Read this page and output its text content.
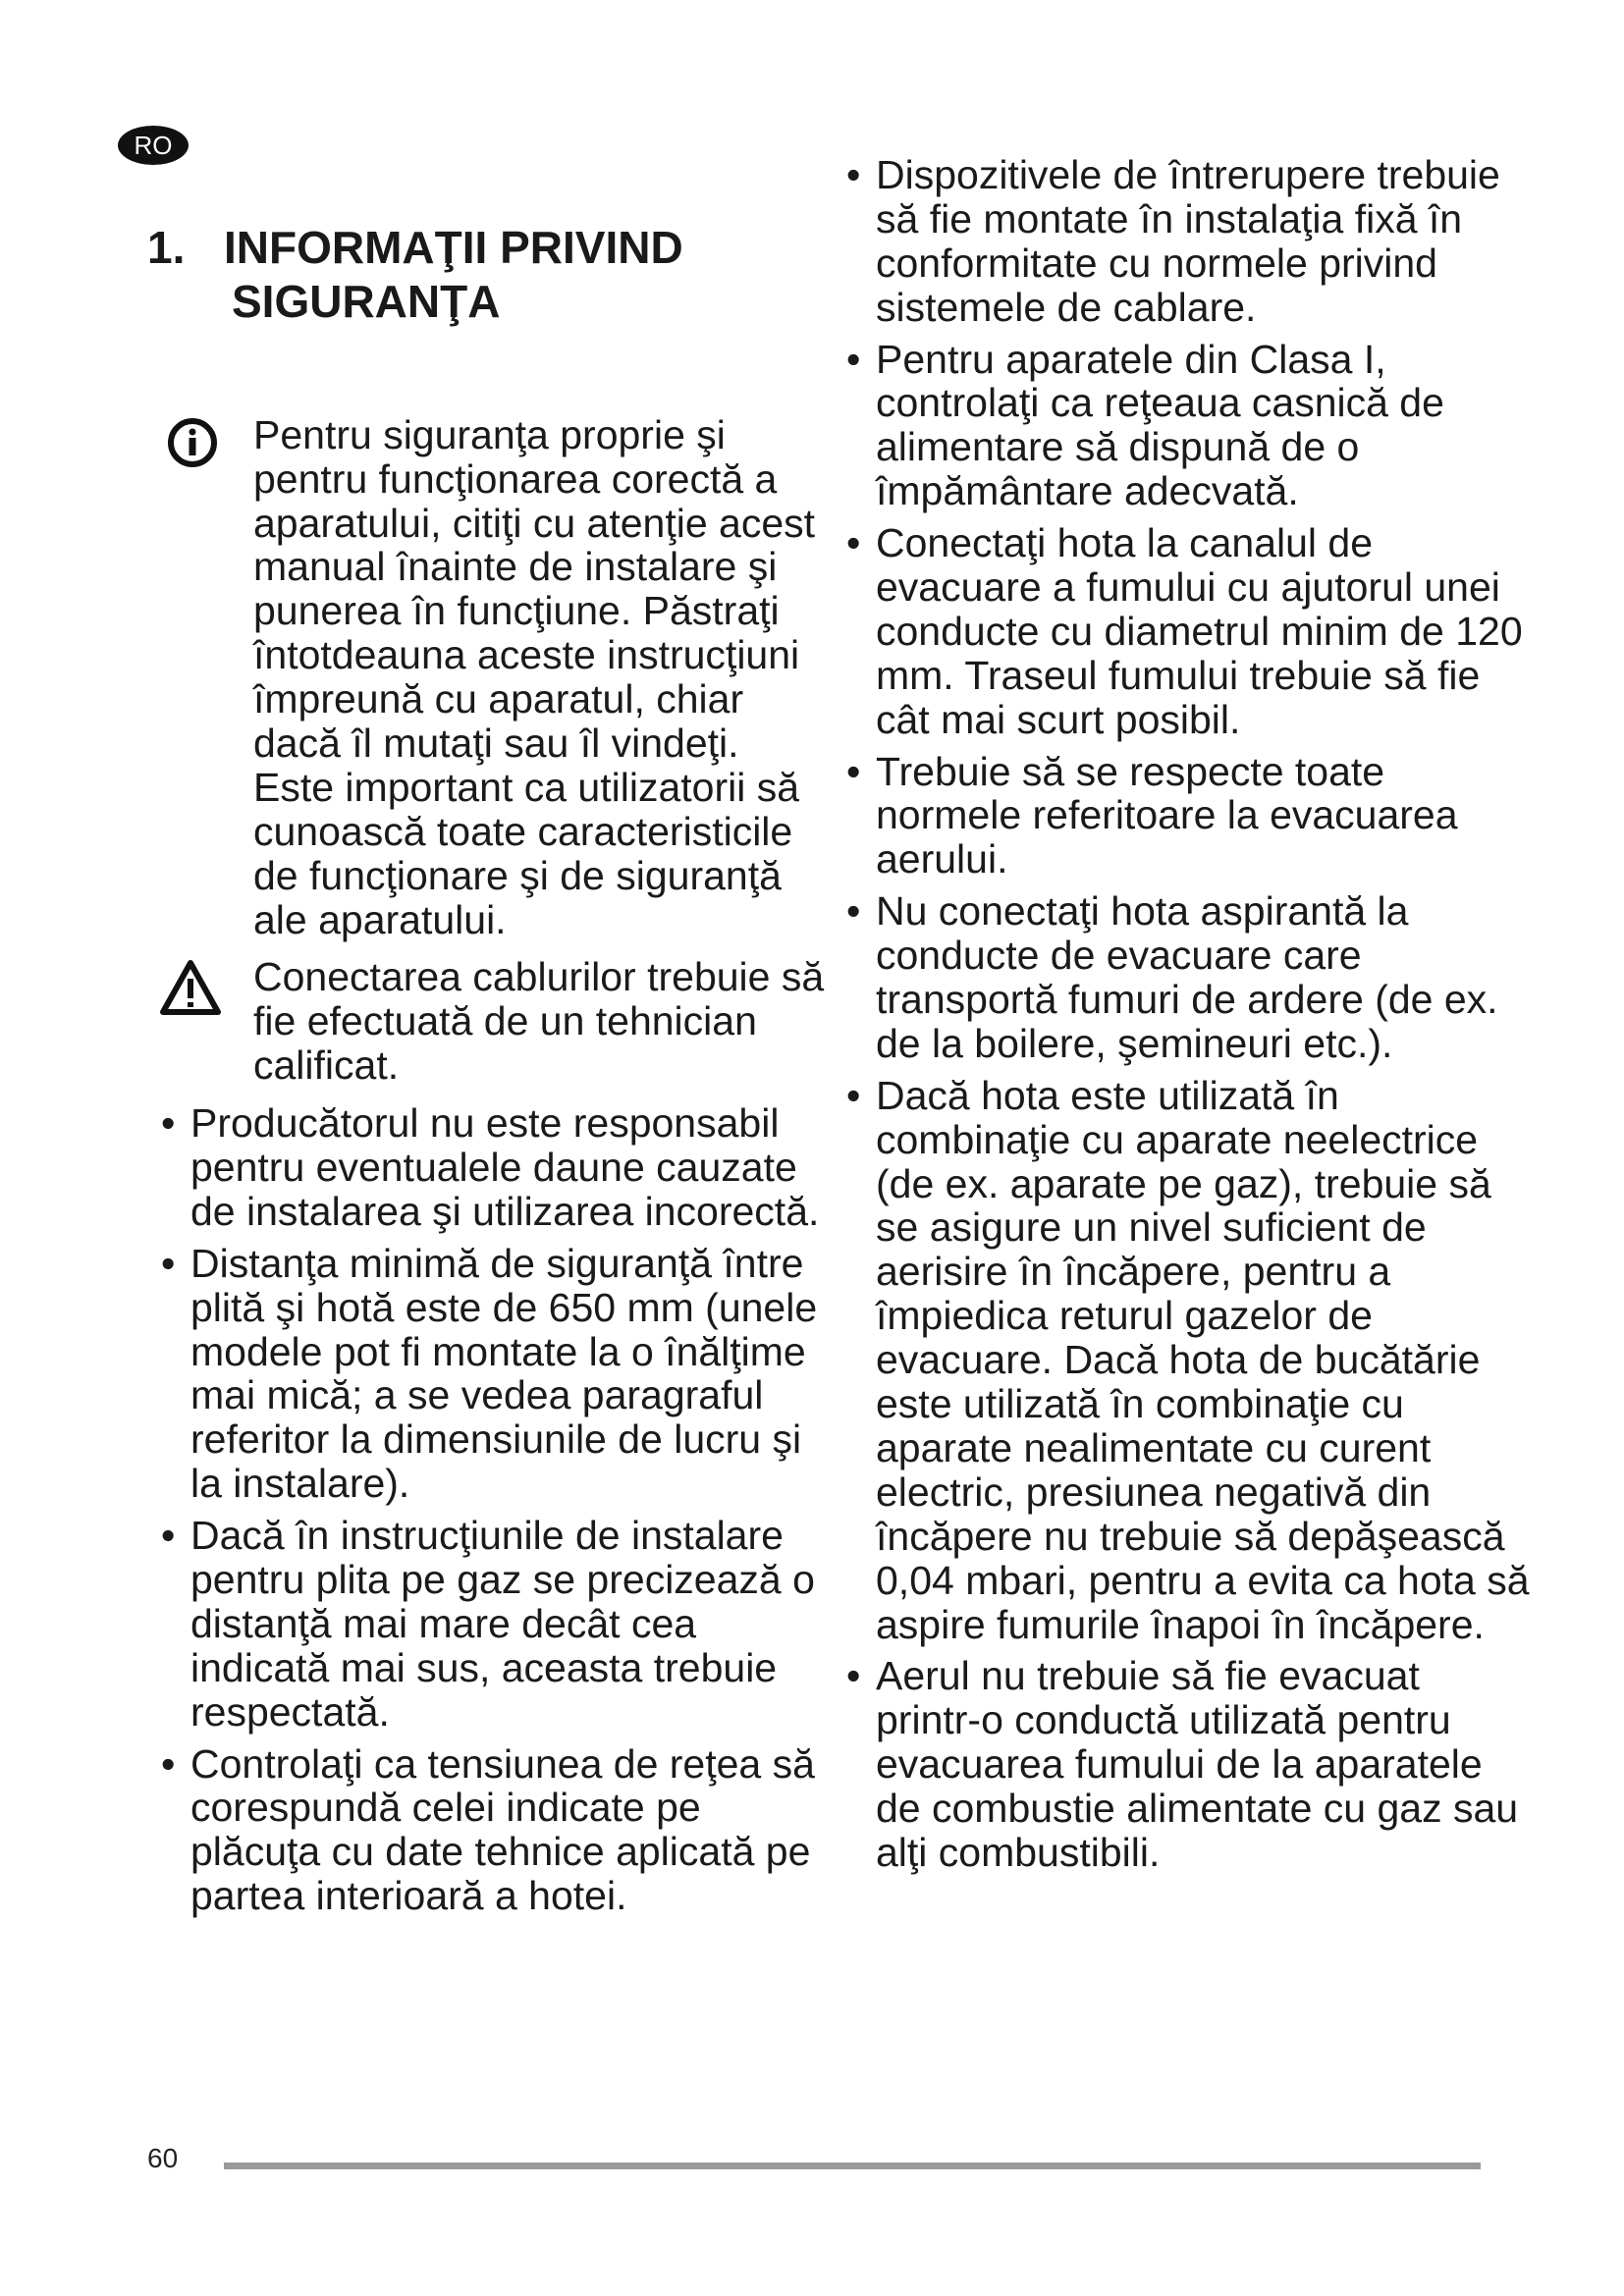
RO

1. INFORMAŢII PRIVIND

SIGURANŢA

Pentru siguranţa proprie şi pentru funcţionarea corectă a aparatului, citiţi cu atenţie acest manual înainte de instalare şi punerea în funcţiune. Păstraţi întotdeauna aceste instrucţiuni împreună cu aparatul, chiar dacă îl mutaţi sau îl vindeţi. Este important ca utilizatorii să cunoască toate caracteristicile de funcţionare şi de siguranţă ale aparatului.
Conectarea cablurilor trebuie să fie efectuată de un tehnician calificat.
• Producătorul nu este responsabil pentru eventualele daune cauzate de instalarea şi utilizarea incorectă.
• Distanţa minimă de siguranţă între plită şi hotă este de 650 mm (unele modele pot fi montate la o înălţime mai mică; a se vedea paragraful referitor la dimensiunile de lucru şi la instalare).
• Dacă în instrucţiunile de instalare pentru plita pe gaz se precizează o distanţă mai mare decât cea indicată mai sus, aceasta trebuie respectată.
• Controlaţi ca tensiunea de reţea să corespundă celei indicate pe plăcuţa cu date tehnice aplicată pe partea interioară a hotei.
• Dispozitivele de întrerupere trebuie să fie montate în instalaţia fixă în conformitate cu normele privind sistemele de cablare.
• Pentru aparatele din Clasa I, controlaţi ca reţeaua casnică de alimentare să dispună de o împământare adecvată.
• Conectaţi hota la canalul de evacuare a fumului cu ajutorul unei conducte cu diametrul minim de 120 mm. Traseul fumului trebuie să fie cât mai scurt posibil.
• Trebuie să se respecte toate normele referitoare la evacuarea aerului.
• Nu conectaţi hota aspirantă la conducte de evacuare care transportă fumuri de ardere (de ex. de la boilere, şemineuri etc.).
• Dacă hota este utilizată în combinaţie cu aparate neelectrice (de ex. aparate pe gaz), trebuie să se asigure un nivel suficient de aerisire în încăpere, pentru a împiedica returul gazelor de evacuare. Dacă hota de bucătărie este utilizată în combinaţie cu aparate nealimentate cu curent electric, presiunea negativă din încăpere nu trebuie să depăşească 0,04 mbari, pentru a evita ca hota să aspire fumurile înapoi în încăpere.
• Aerul nu trebuie să fie evacuat printr-o conductă utilizată pentru evacuarea fumului de la aparatele de combustie alimentate cu gaz sau alţi combustibili.
60
